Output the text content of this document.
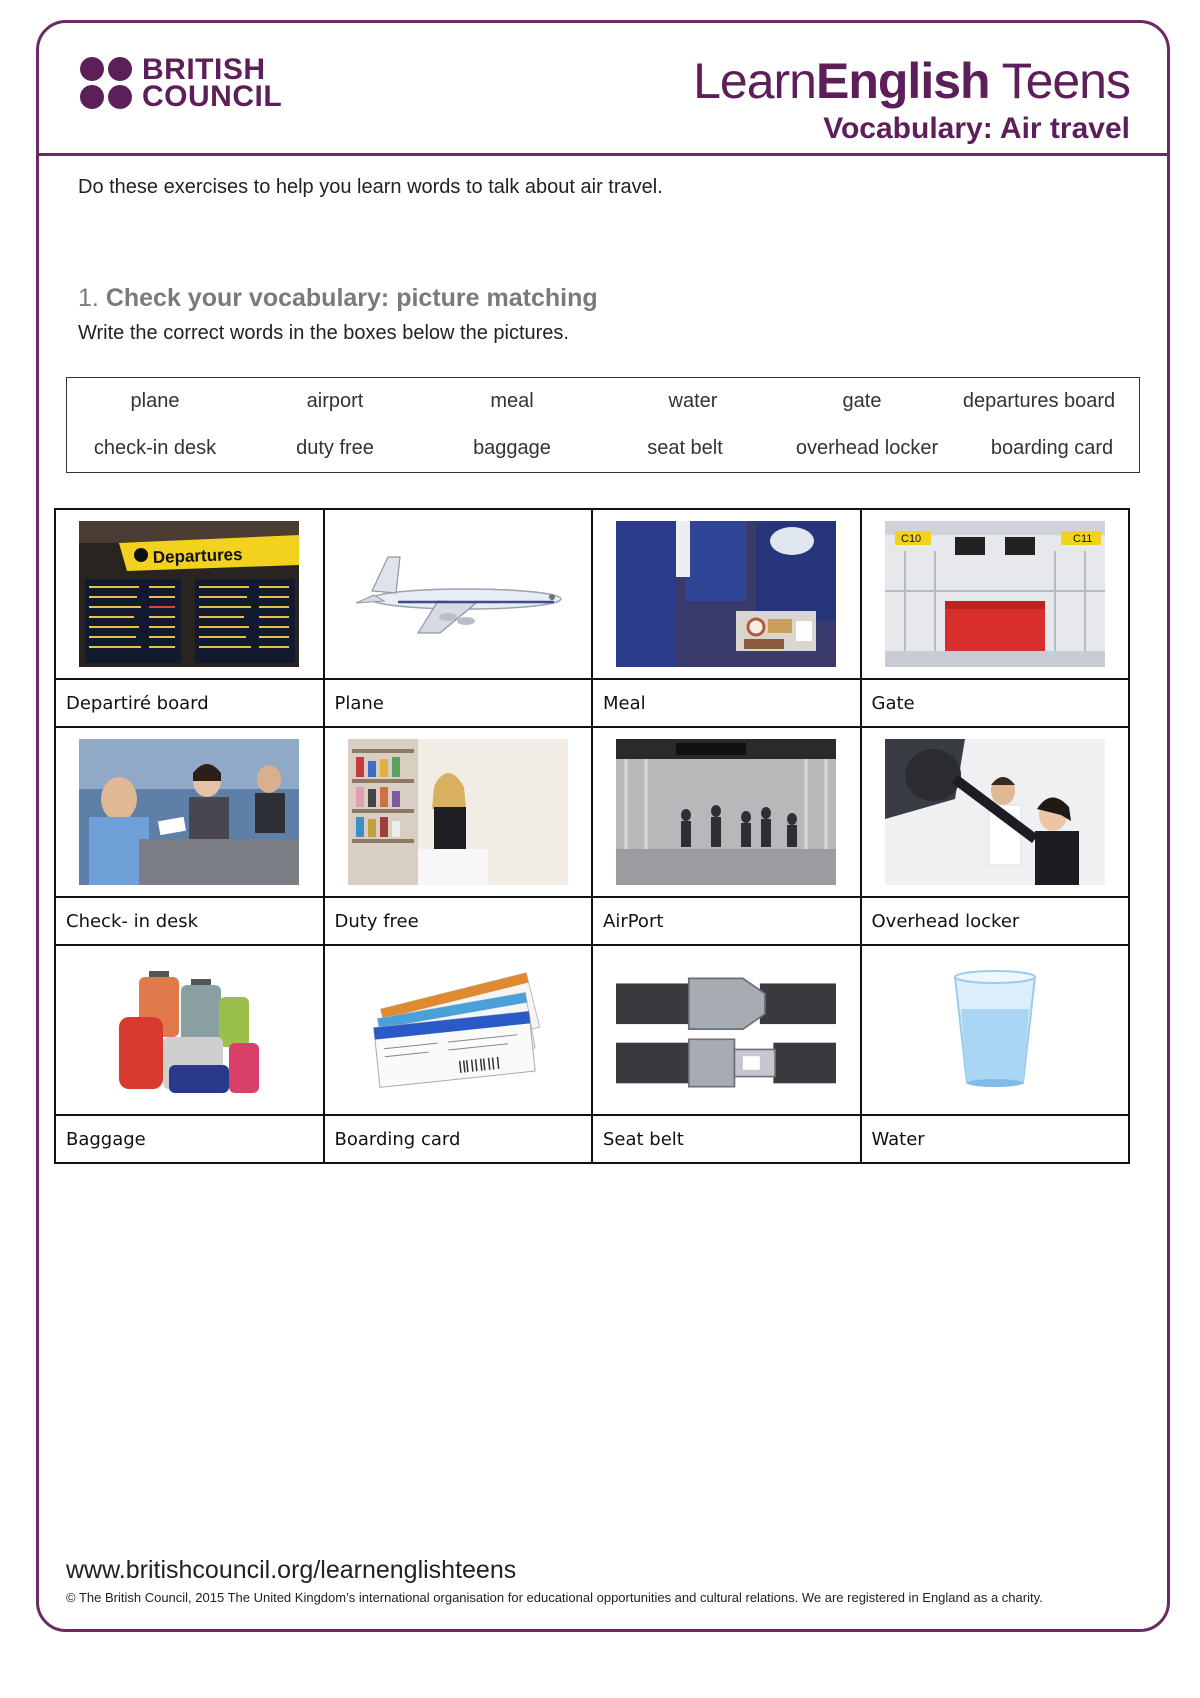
BRITISH
COUNCIL	LearnEnglish Teens
Vocabulary: Air travel
Do these exercises to help you learn words to talk about air travel.
1. Check your vocabulary: picture matching
Write the correct words in the boxes below the pictures.
plane	airport	meal	water	gate	departures board
check-in desk	duty free	baggage	seat belt	overhead locker	boarding card
Departures			C10 C11

Departiré board	Plane	Meal	Gate

Check- in desk	Duty free	AirPort	Overhead locker

Baggage	Boarding card	Seat belt	Water
www.britishcouncil.org/learnenglishteens
© The British Council, 2015 The United Kingdom’s international organisation for educational opportunities and cultural relations. We are registered in England as a charity.
